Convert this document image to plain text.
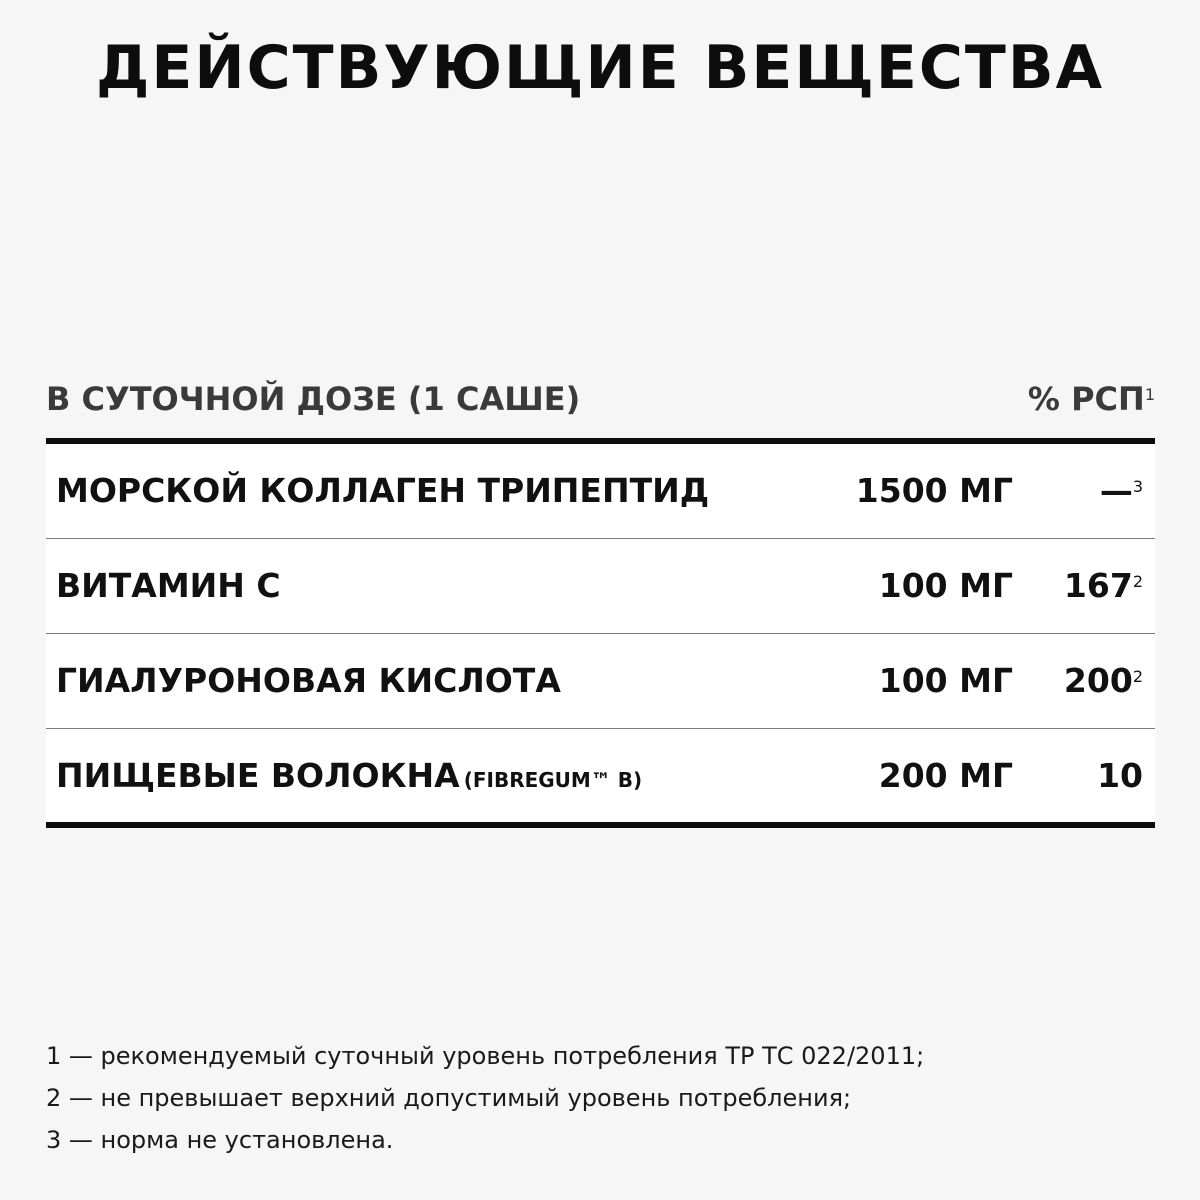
ДЕЙСТВУЮЩИЕ ВЕЩЕСТВА
В СУТОЧНОЙ ДОЗЕ (1 САШЕ)	% РСП$^1$
МОРСКОЙ КОЛЛАГЕН ТРИПЕПТИД	1500 МГ	—$^3$
ВИТАМИН С	100 МГ $167^2$
ГИАЛУРОНОВАЯ КИСЛОТА	100 МГ $200^2$
ПИЩЕВЫЕ ВОЛОКНА (FIBREGUM™ B)	200 МГ	10
1 — рекомендуемый суточный уровень потребления ТР ТС 022/2011;
2 — не превышает верхний допустимый уровень потребления;
3 — норма не установлена.
